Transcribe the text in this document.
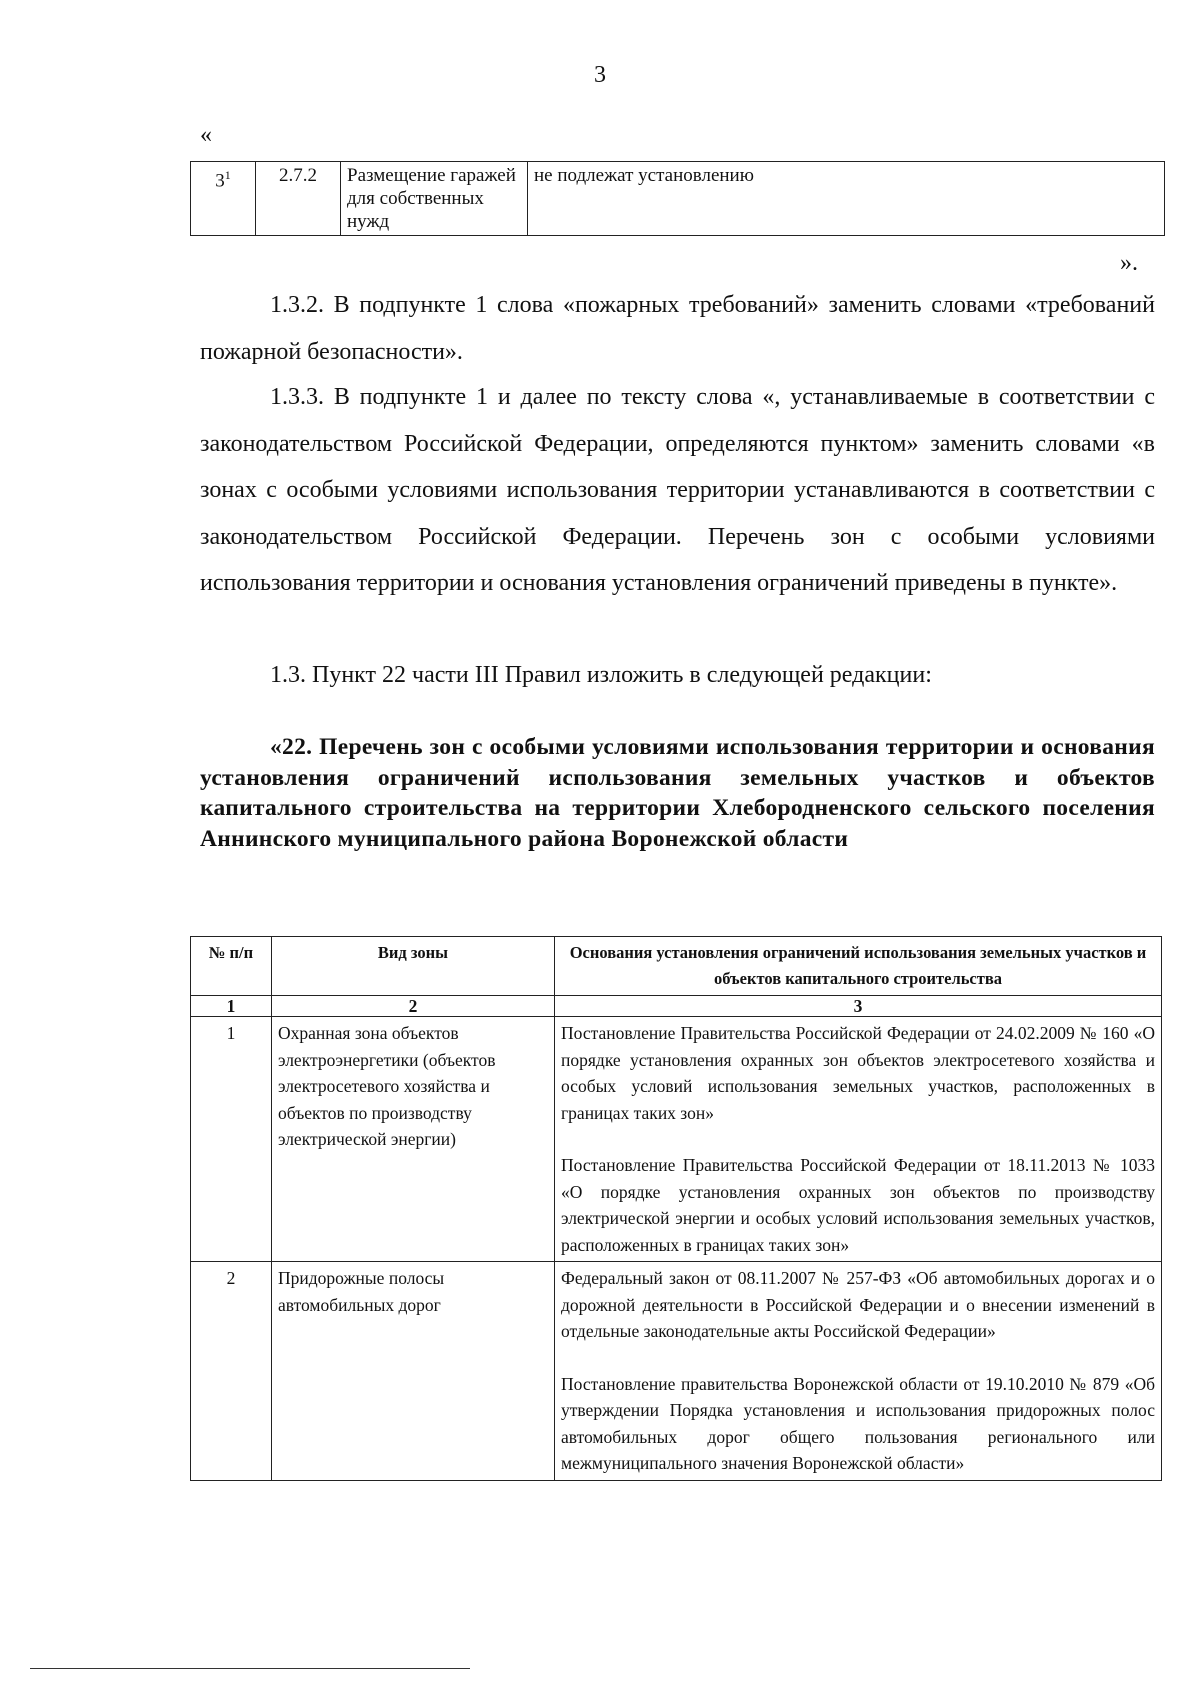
3
«
$3^1$	2.7.2	Размещение гаражей для собственных нужд	не подлежат установлению
».
1.3.2. В подпункте 1 слова «пожарных требований» заменить словами «требований пожарной безопасности».
1.3.3. В подпункте 1 и далее по тексту слова «, устанавливаемые в соответствии с законодательством Российской Федерации, определяются пунктом» заменить словами «в зонах с особыми условиями использования территории устанавливаются в соответствии с законодательством Российской Федерации. Перечень зон с особыми условиями использования территории и основания установления ограничений приведены в пункте».
1.3. Пункт 22 части III Правил изложить в следующей редакции:
«22. Перечень зон с особыми условиями использования территории и основания установления ограничений использования земельных участков и объектов капитального строительства на территории Хлебородненского сельского поселения Аннинского муниципального района Воронежской области
№ п/п	Вид зоны	Основания установления ограничений использования земельных участков и объектов капитального строительства
1	2	3
1	Охранная зона объектов электроэнергетики (объектов электросетевого хозяйства и объектов по производству электрической энергии)	Постановление Правительства Российской Федерации от 24.02.2009 № 160 «О порядке установления охранных зон объектов электросетевого хозяйства и особых условий использования земельных участков, расположенных в границах таких зон»

Постановление Правительства Российской Федерации от 18.11.2013 № 1033 «О порядке установления охранных зон объектов по производству электрической энергии и особых условий использования земельных участков, расположенных в границах таких зон»

2	Придорожные полосы автомобильных дорог	Федеральный закон от 08.11.2007 № 257-ФЗ «Об автомобильных дорогах и о дорожной деятельности в Российской Федерации и о внесении изменений в отдельные законодательные акты Российской Федерации»

Постановление правительства Воронежской области от 19.10.2010 № 879 «Об утверждении Порядка установления и использования придорожных полос автомобильных дорог общего пользования регионального или межмуниципального значения Воронежской области»
